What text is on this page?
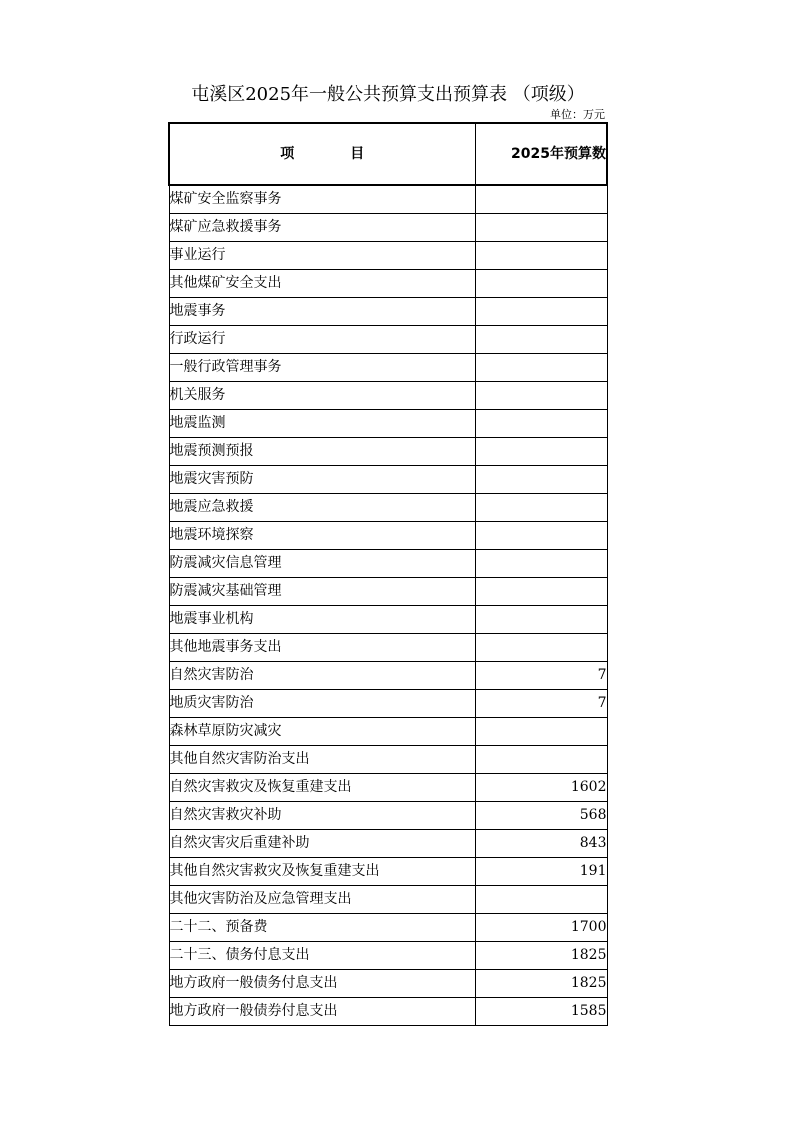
屯溪区2025年一般公共预算支出预算表 （项级）
单位：万元
项 目	2025年预算数
煤矿安全监察事务	
煤矿应急救援事务	
事业运行	
其他煤矿安全支出	
地震事务	
行政运行	
一般行政管理事务	
机关服务	
地震监测	
地震预测预报	
地震灾害预防	
地震应急救援	
地震环境探察	
防震减灾信息管理	
防震减灾基础管理	
地震事业机构	
其他地震事务支出	
自然灾害防治	7
地质灾害防治	7
森林草原防灾减灾	
其他自然灾害防治支出	
自然灾害救灾及恢复重建支出	1602
自然灾害救灾补助	568
自然灾害灾后重建补助	843
其他自然灾害救灾及恢复重建支出	191
其他灾害防治及应急管理支出	
二十二、预备费	1700
二十三、债务付息支出	1825
地方政府一般债务付息支出	1825
地方政府一般债券付息支出	1585
